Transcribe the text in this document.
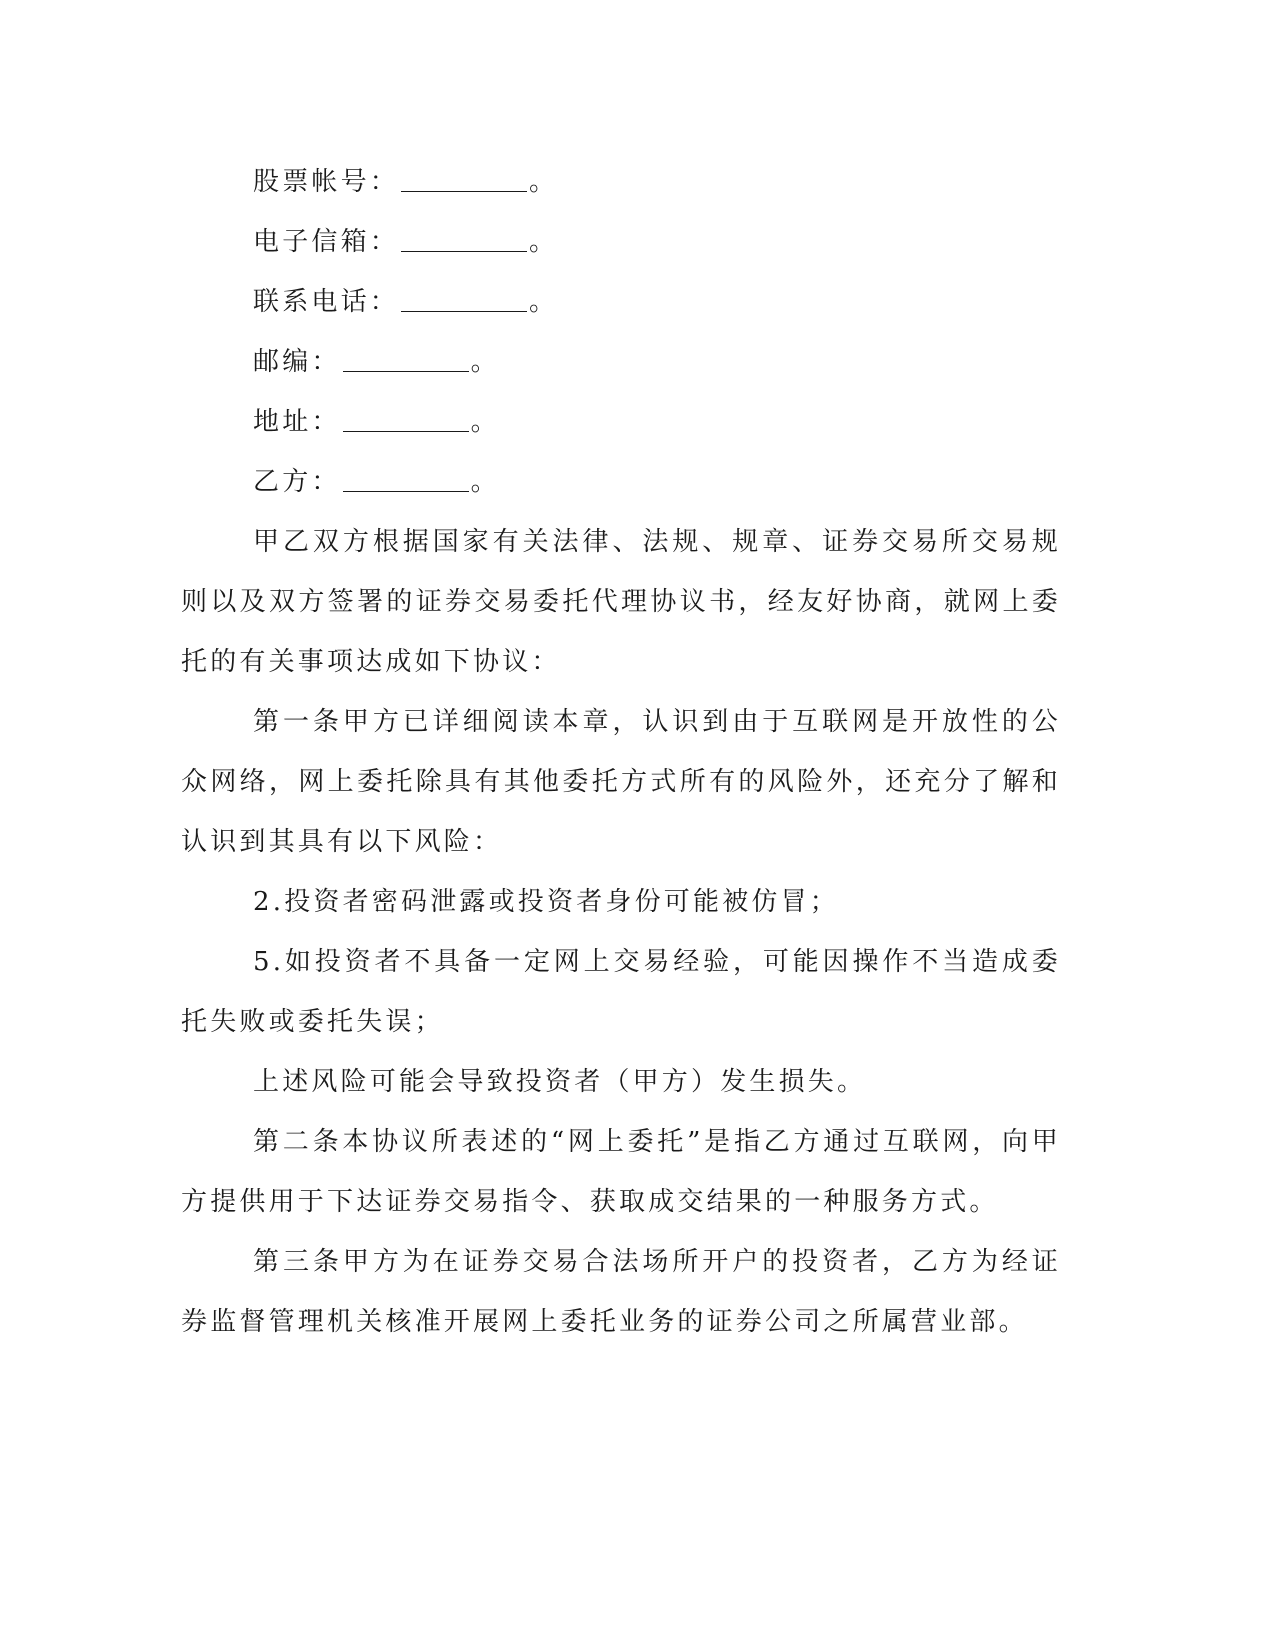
股票帐号：	。

电子信箱：	。

联系电话：	。

邮编：	。

地址：	。

乙方：	。

甲乙双方根据国家有关法律、法规、规章、证券交易所交易规则以及双方签署的证券交易委托代理协议书，经友好协商，就网上委托的有关事项达成如下协议：

第一条甲方已详细阅读本章，认识到由于互联网是开放性的公众网络，网上委托除具有其他委托方式所有的风险外，还充分了解和认识到其具有以下风险：

2.投资者密码泄露或投资者身份可能被仿冒；

5.如投资者不具备一定网上交易经验，可能因操作不当造成委托失败或委托失误；

上述风险可能会导致投资者（甲方）发生损失。

第二条本协议所表述的“网上委托”是指乙方通过互联网，向甲方提供用于下达证券交易指令、获取成交结果的一种服务方式。

第三条甲方为在证券交易合法场所开户的投资者，乙方为经证券监督管理机关核准开展网上委托业务的证券公司之所属营业部。
